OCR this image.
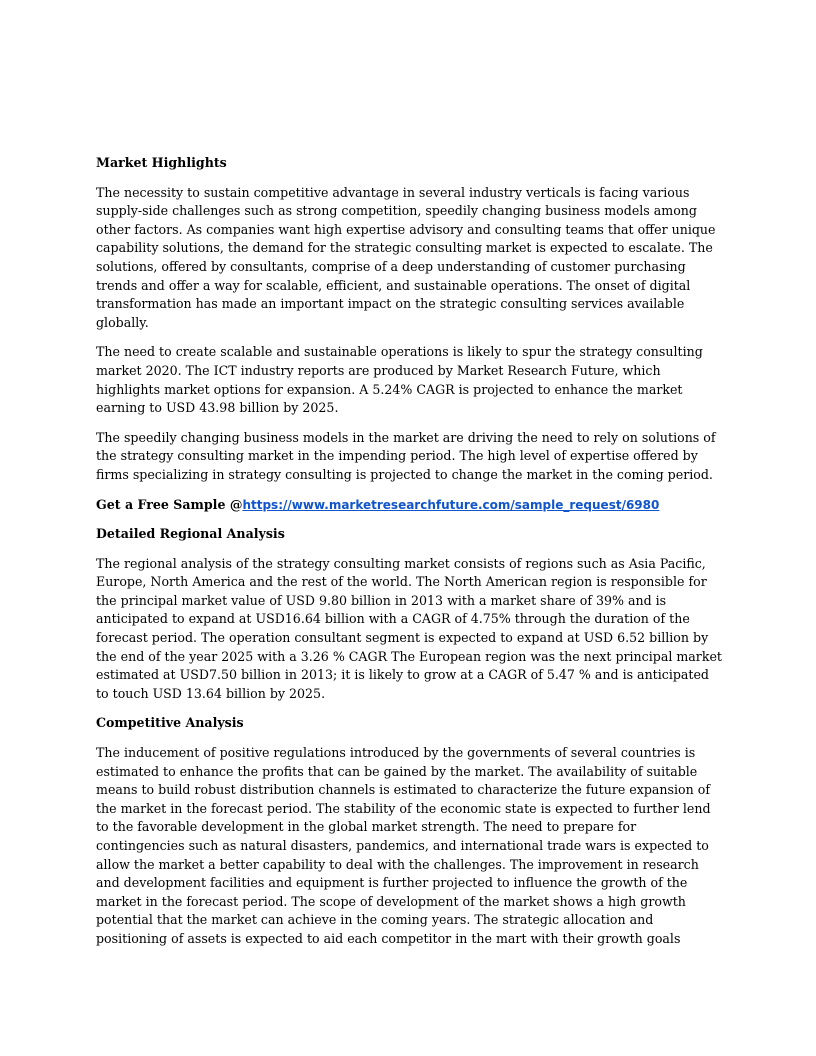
Market Highlights

The necessity to sustain competitive advantage in several industry verticals is facing various supply-side challenges such as strong competition, speedily changing business models among other factors. As companies want high expertise advisory and consulting teams that offer unique capability solutions, the demand for the strategic consulting market is expected to escalate. The solutions, offered by consultants, comprise of a deep understanding of customer purchasing trends and offer a way for scalable, efficient, and sustainable operations. The onset of digital transformation has made an important impact on the strategic consulting services available globally.

The need to create scalable and sustainable operations is likely to spur the strategy consulting market 2020. The ICT industry reports are produced by Market Research Future, which highlights market options for expansion. A 5.24% CAGR is projected to enhance the market earning to USD 43.98 billion by 2025.

The speedily changing business models in the market are driving the need to rely on solutions of the strategy consulting market in the impending period. The high level of expertise offered by firms specializing in strategy consulting is projected to change the market in the coming period.

Get a Free Sample @https://www.marketresearchfuture.com/sample_request/6980

Detailed Regional Analysis

The regional analysis of the strategy consulting market consists of regions such as Asia Pacific, Europe, North America and the rest of the world. The North American region is responsible for the principal market value of USD 9.80 billion in 2013 with a market share of 39% and is anticipated to expand at USD16.64 billion with a CAGR of 4.75% through the duration of the forecast period. The operation consultant segment is expected to expand at USD 6.52 billion by the end of the year 2025 with a 3.26 % CAGR The European region was the next principal market estimated at USD7.50 billion in 2013; it is likely to grow at a CAGR of 5.47 % and is anticipated to touch USD 13.64 billion by 2025.

Competitive Analysis

The inducement of positive regulations introduced by the governments of several countries is estimated to enhance the profits that can be gained by the market. The availability of suitable means to build robust distribution channels is estimated to characterize the future expansion of the market in the forecast period. The stability of the economic state is expected to further lend to the favorable development in the global market strength. The need to prepare for contingencies such as natural disasters, pandemics, and international trade wars is expected to allow the market a better capability to deal with the challenges. The improvement in research and development facilities and equipment is further projected to influence the growth of the market in the forecast period. The scope of development of the market shows a high growth potential that the market can achieve in the coming years. The strategic allocation and positioning of assets is expected to aid each competitor in the mart with their growth goals
